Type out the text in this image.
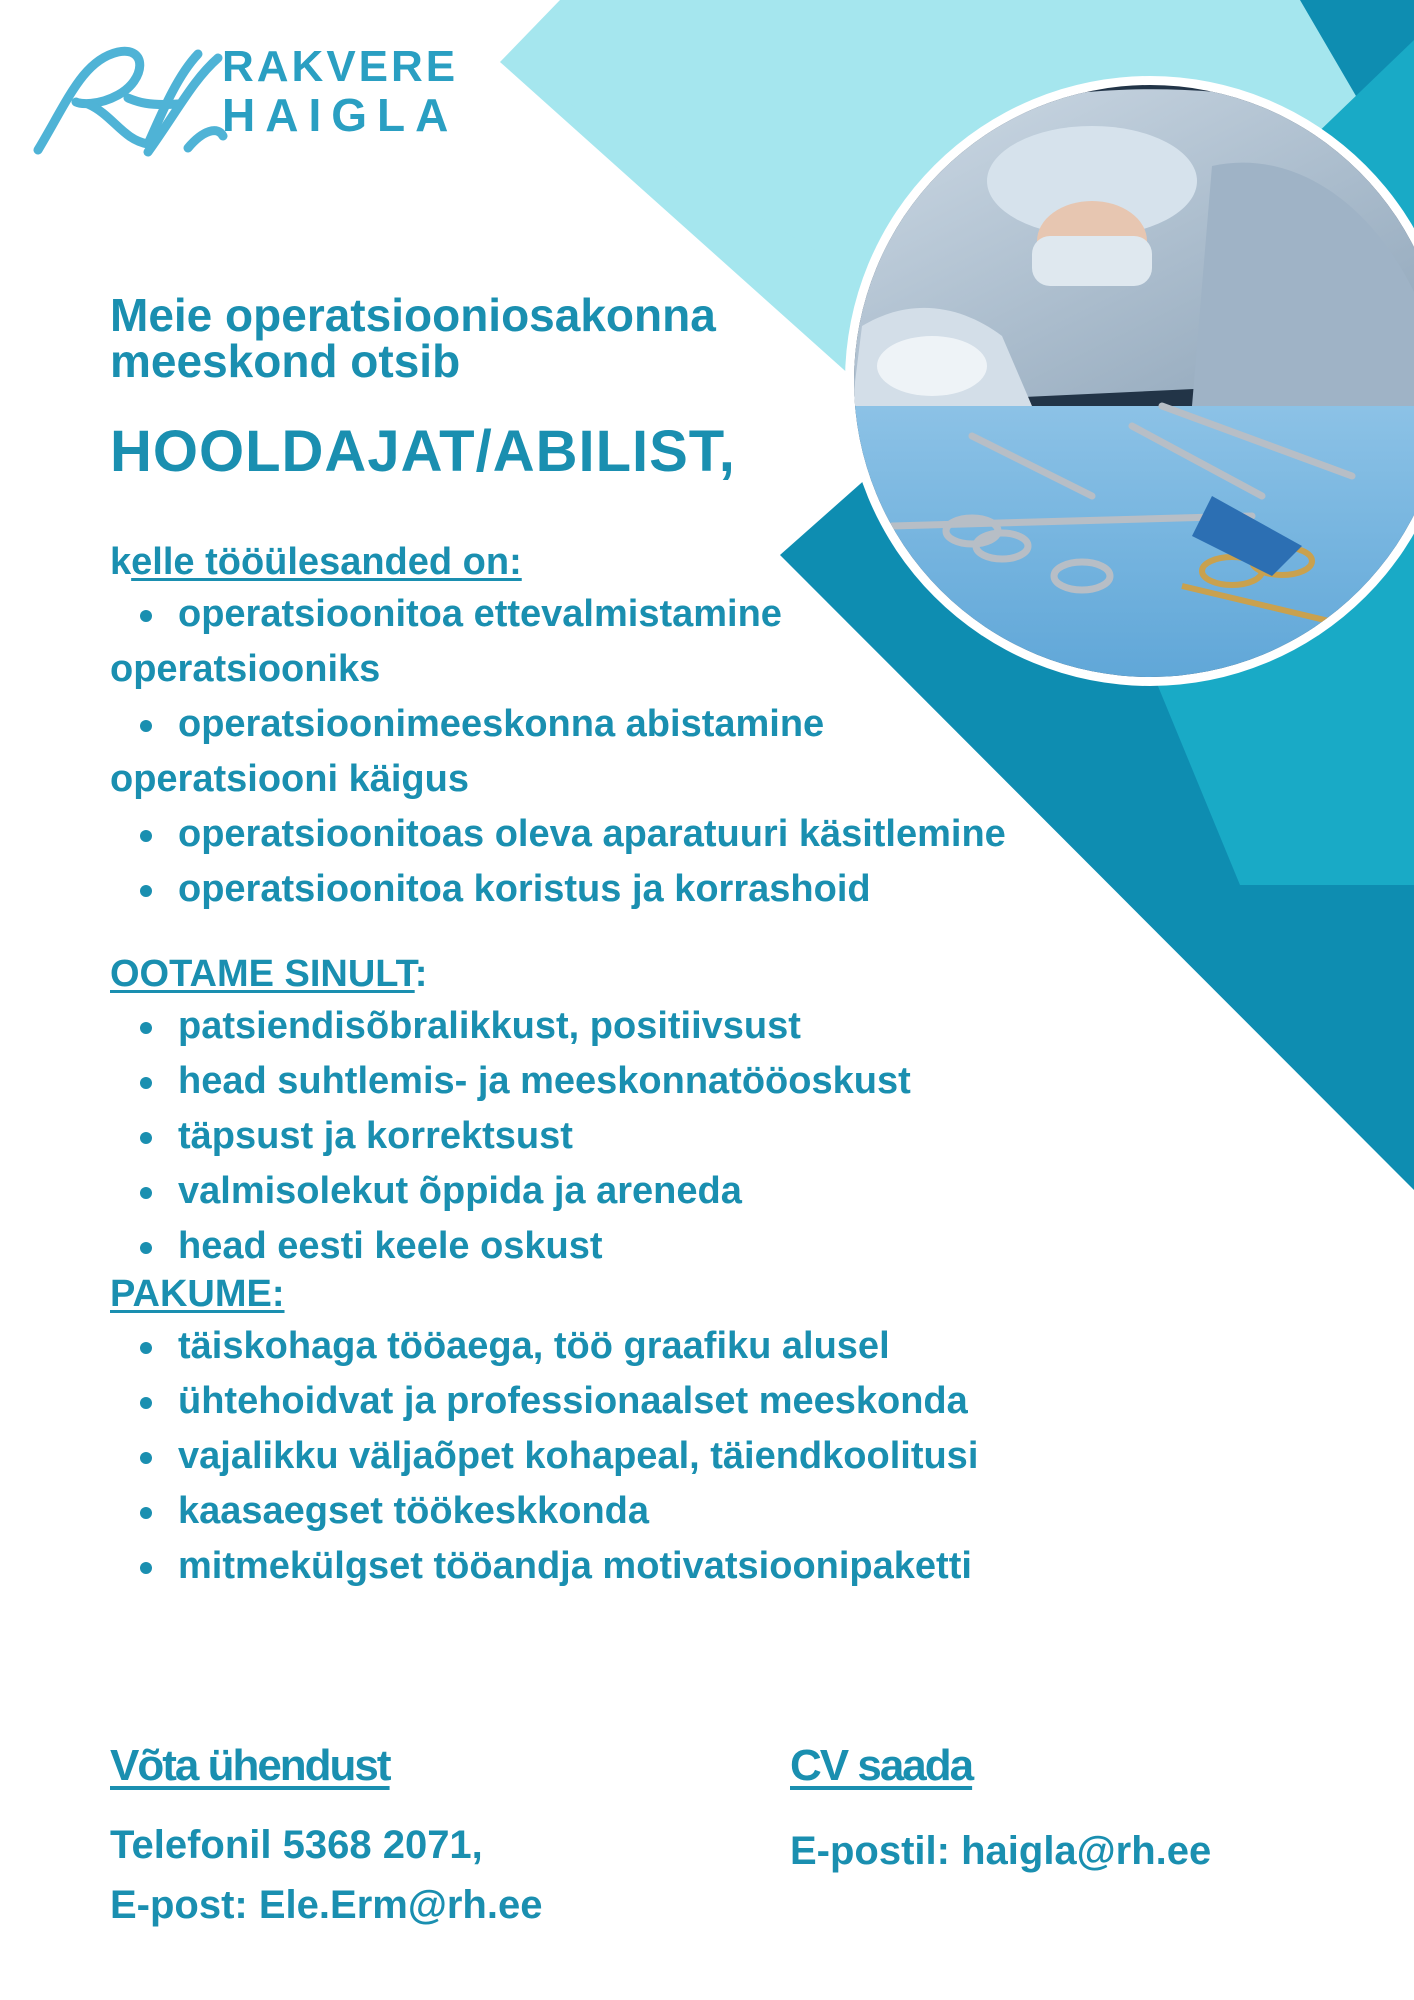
RAKVERE
HAIGLA
Meie operatsiooniosakonna
meeskond otsib
HOOLDAJAT/ABILIST,
kelle tööülesanded on:
operatsioonitoa ettevalmistamine
operatsiooniks
operatsioonimeeskonna abistamine
operatsiooni käigus
operatsioonitoas oleva aparatuuri käsitlemine
operatsioonitoa koristus ja korrashoid
OOTAME SINULT:
patsiendisõbralikkust, positiivsust
head suhtlemis- ja meeskonnatööoskust
täpsust ja korrektsust
valmisolekut õppida ja areneda
head eesti keele oskust
PAKUME:
täiskohaga tööaega, töö graafiku alusel
ühtehoidvat ja professionaalset meeskonda
vajalikku väljaõpet kohapeal, täiendkoolitusi
kaasaegset töökeskkonda
mitmekülgset tööandja motivatsioonipaketti
Võta ühendust
Telefonil 5368 2071,
E-post: Ele.Erm@rh.ee
CV saada
E-postil: haigla@rh.ee
